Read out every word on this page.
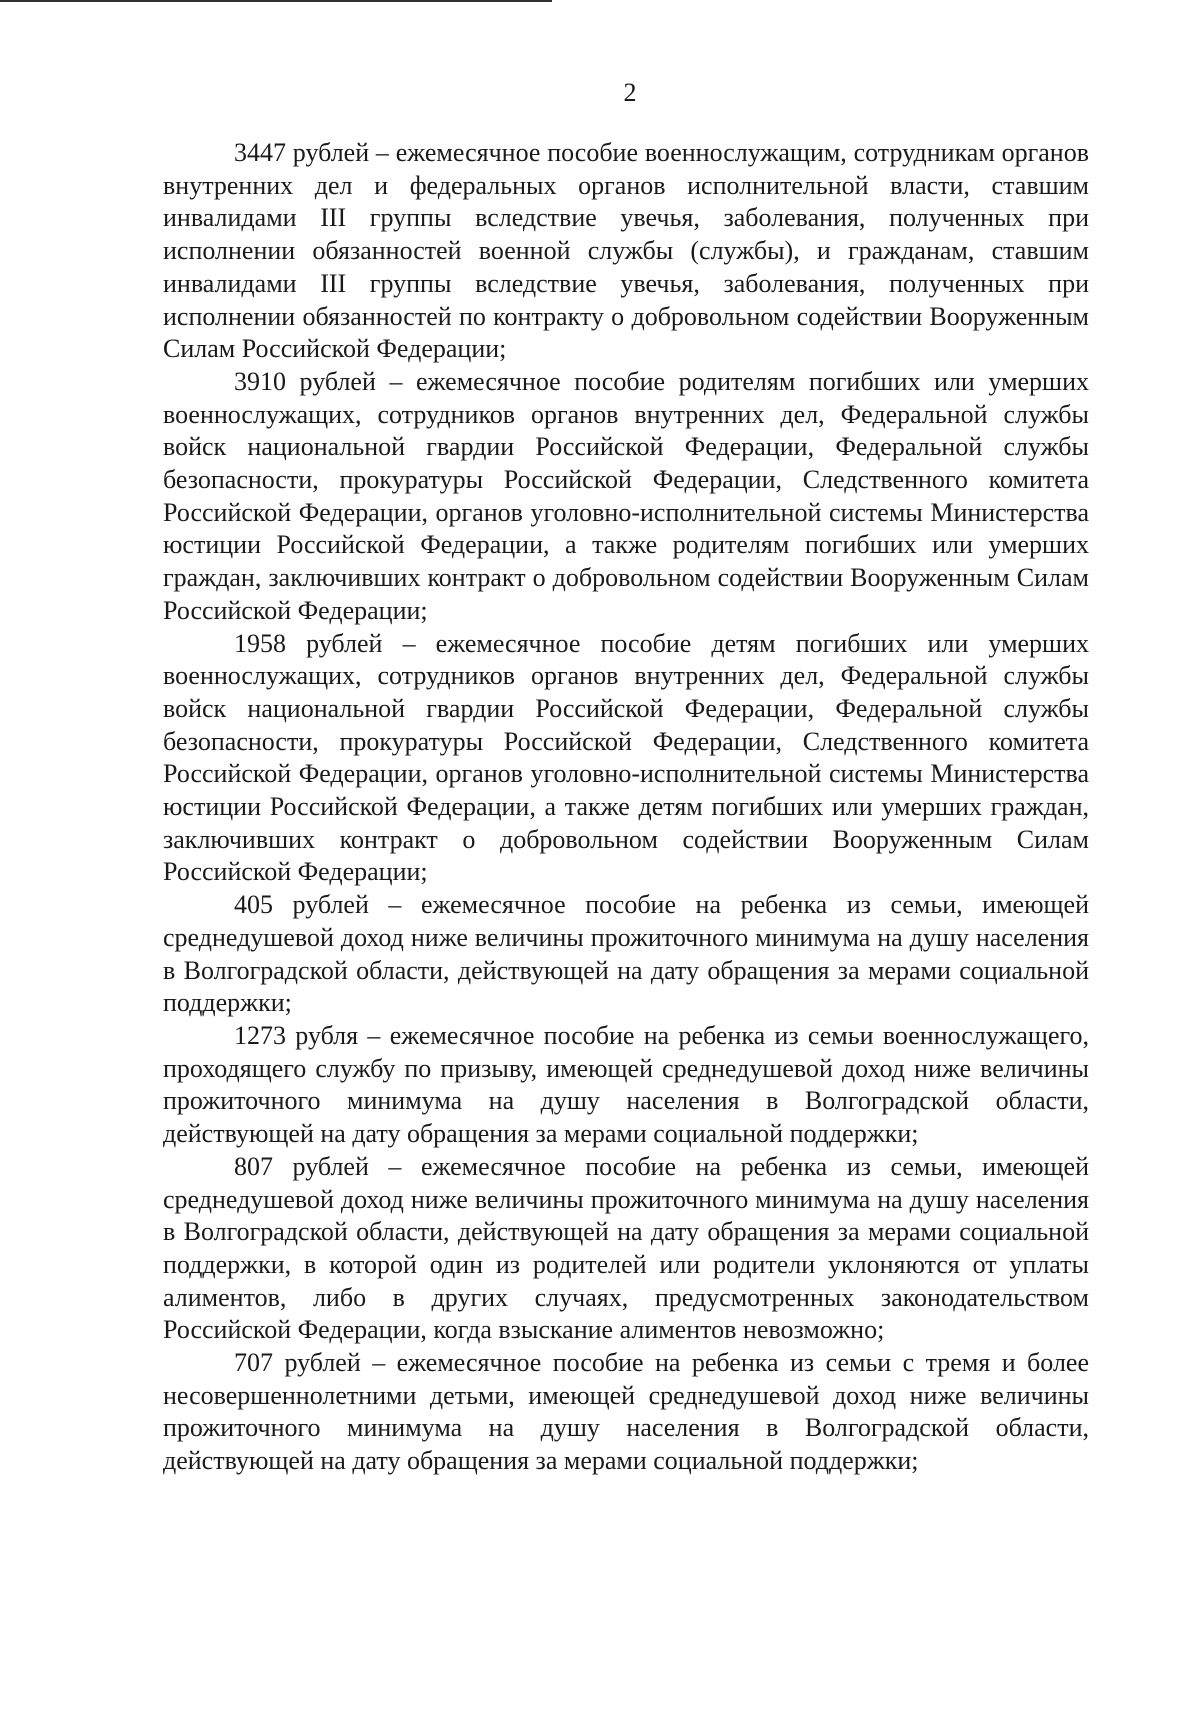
2

3447 рублей – ежемесячное пособие военнослужащим, сотрудникам органов внутренних дел и федеральных органов исполнительной власти, ставшим инвалидами III группы вследствие увечья, заболевания, полученных при исполнении обязанностей военной службы (службы), и гражданам, ставшим инвалидами III группы вследствие увечья, заболевания, полученных при исполнении обязанностей по контракту о добровольном содействии Вооруженным Силам Российской Федерации;

3910 рублей – ежемесячное пособие родителям погибших или умерших военнослужащих, сотрудников органов внутренних дел, Федеральной службы войск национальной гвардии Российской Федерации, Федеральной службы безопасности, прокуратуры Российской Федерации, Следственного комитета Российской Федерации, органов уголовно-исполнительной системы Министерства юстиции Российской Федерации, а также родителям погибших или умерших граждан, заключивших контракт о добровольном содействии Вооруженным Силам Российской Федерации;

1958 рублей – ежемесячное пособие детям погибших или умерших военнослужащих, сотрудников органов внутренних дел, Федеральной службы войск национальной гвардии Российской Федерации, Федеральной службы безопасности, прокуратуры Российской Федерации, Следственного комитета Российской Федерации, органов уголовно-исполнительной системы Министерства юстиции Российской Федерации, а также детям погибших или умерших граждан, заключивших контракт о добровольном содействии Вооруженным Силам Российской Федерации;

405 рублей – ежемесячное пособие на ребенка из семьи, имеющей среднедушевой доход ниже величины прожиточного минимума на душу населения в Волгоградской области, действующей на дату обращения за мерами социальной поддержки;

1273 рубля – ежемесячное пособие на ребенка из семьи военнослужащего, проходящего службу по призыву, имеющей среднедушевой доход ниже величины прожиточного минимума на душу населения в Волгоградской области, действующей на дату обращения за мерами социальной поддержки;

807 рублей – ежемесячное пособие на ребенка из семьи, имеющей среднедушевой доход ниже величины прожиточного минимума на душу населения в Волгоградской области, действующей на дату обращения за мерами социальной поддержки, в которой один из родителей или родители уклоняются от уплаты алиментов, либо в других случаях, предусмотренных законодательством Российской Федерации, когда взыскание алиментов невозможно;

707 рублей – ежемесячное пособие на ребенка из семьи с тремя и более несовершеннолетними детьми, имеющей среднедушевой доход ниже величины прожиточного минимума на душу населения в Волгоградской области, действующей на дату обращения за мерами социальной поддержки;
